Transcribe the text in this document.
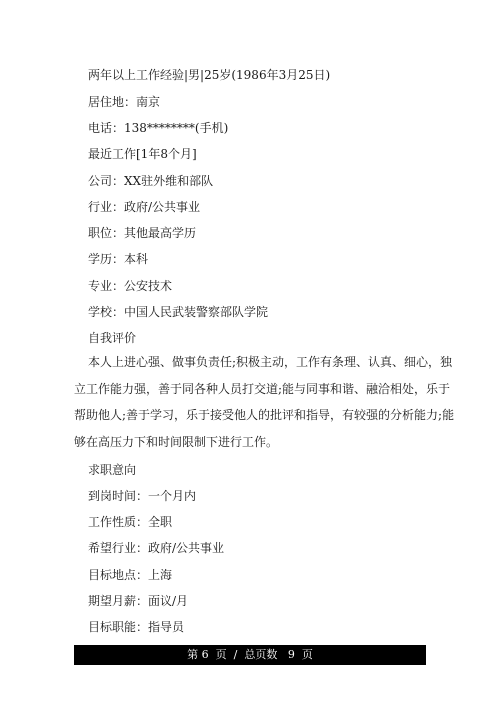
两年以上工作经验|男|25岁(1986年3月25日)
居住地：南京
电话：138********(手机)
最近工作[1年8个月]
公司：XX驻外维和部队
行业：政府/公共事业
职位：其他最高学历
学历：本科
专业：公安技术
学校：中国人民武装警察部队学院
自我评价
本人上进心强、做事负责任;积极主动，工作有条理、认真、细心，独
立工作能力强，善于同各种人员打交道;能与同事和谐、融洽相处，乐于
帮助他人;善于学习，乐于接受他人的批评和指导，有较强的分析能力;能
够在高压力下和时间限制下进行工作。
求职意向
到岗时间：一个月内
工作性质：全职
希望行业：政府/公共事业
目标地点：上海
期望月薪：面议/月
目标职能：指导员
第 6  页  /  总页数   9  页
